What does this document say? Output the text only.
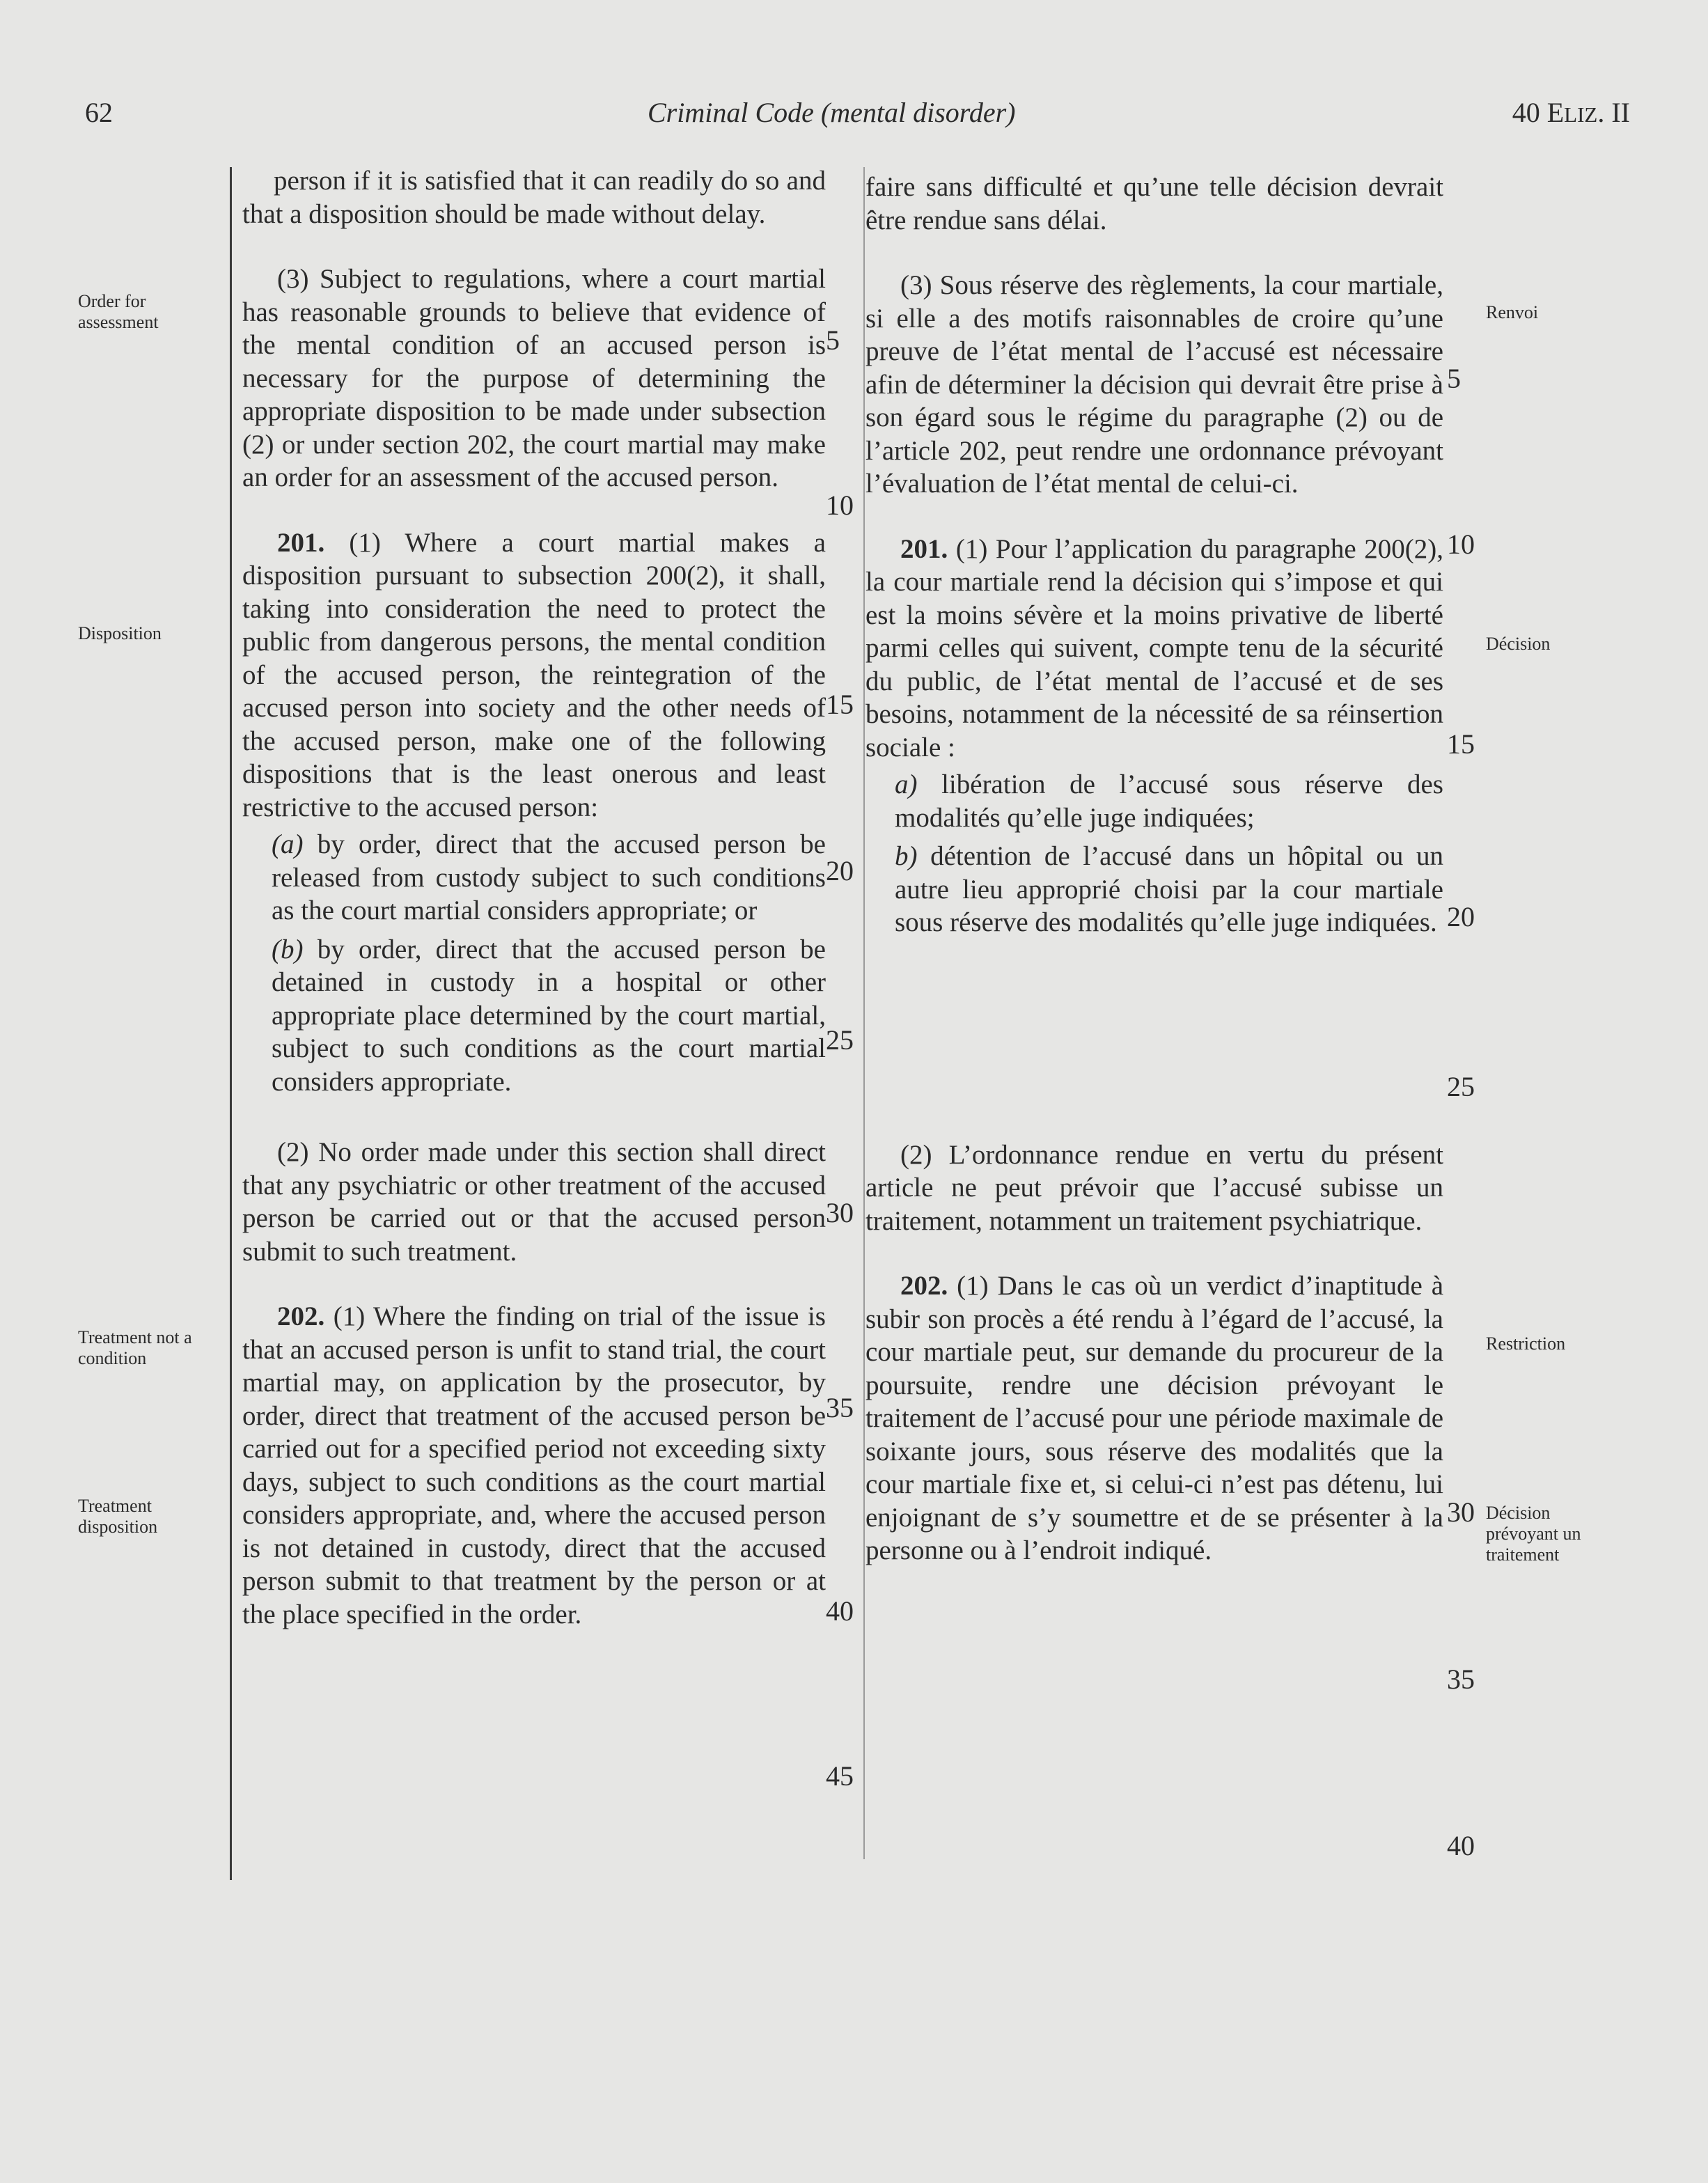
62	Criminal Code (mental disorder)	40 ELIZ. II
Order for assessment
Disposition
Treatment not a condition
Treatment disposition
Renvoi
Décision
Restriction
Décision prévoyant un traitement

person if it is satisfied that it can readily do so and that a disposition should be made without delay.

(3) Subject to regulations, where a court martial has reasonable grounds to believe that evidence of the mental condition of an accused person is necessary for the purpose of determining the appropriate disposition to be made under subsection (2) or under section 202, the court martial may make an order for an assessment of the accused person.

201. (1) Where a court martial makes a disposition pursuant to subsection 200(2), it shall, taking into consideration the need to protect the public from dangerous persons, the mental condition of the accused person, the reintegration of the accused person into society and the other needs of the accused person, make one of the following dispositions that is the least onerous and least restrictive to the accused person:

(a) by order, direct that the accused person be released from custody subject to such conditions as the court martial considers appropriate; or

(b) by order, direct that the accused person be detained in custody in a hospital or other appropriate place determined by the court martial, subject to such conditions as the court martial considers appropriate.

(2) No order made under this section shall direct that any psychiatric or other treatment of the accused person be carried out or that the accused person submit to such treatment.

202. (1) Where the finding on trial of the issue is that an accused person is unfit to stand trial, the court martial may, on application by the prosecutor, by order, direct that treatment of the accused person be carried out for a specified period not exceeding sixty days, subject to such conditions as the court martial considers appropriate, and, where the accused person is not detained in custody, direct that the accused person submit to that treatment by the person or at the place specified in the order.

faire sans difficulté et qu’une telle décision devrait être rendue sans délai.

(3) Sous réserve des règlements, la cour martiale, si elle a des motifs raisonnables de croire qu’une preuve de l’état mental de l’accusé est nécessaire afin de déterminer la décision qui devrait être prise à son égard sous le régime du paragraphe (2) ou de l’article 202, peut rendre une ordonnance prévoyant l’évaluation de l’état mental de celui-ci.

201. (1) Pour l’application du paragraphe 200(2), la cour martiale rend la décision qui s’impose et qui est la moins sévère et la moins privative de liberté parmi celles qui suivent, compte tenu de la sécurité du public, de l’état mental de l’accusé et de ses besoins, notamment de la nécessité de sa réinsertion sociale :

a) libération de l’accusé sous réserve des modalités qu’elle juge indiquées;

b) détention de l’accusé dans un hôpital ou un autre lieu approprié choisi par la cour martiale sous réserve des modalités qu’elle juge indiquées.

(2) L’ordonnance rendue en vertu du présent article ne peut prévoir que l’accusé subisse un traitement, notamment un traitement psychiatrique.

202. (1) Dans le cas où un verdict d’inaptitude à subir son procès a été rendu à l’égard de l’accusé, la cour martiale peut, sur demande du procureur de la poursuite, rendre une décision prévoyant le traitement de l’accusé pour une période maximale de soixante jours, sous réserve des modalités que la cour martiale fixe et, si celui-ci n’est pas détenu, lui enjoignant de s’y soumettre et de se présenter à la personne ou à l’endroit indiqué.

5
10
15
20
25
30
35
40
45
5
10
15
20
25
30
35
40
